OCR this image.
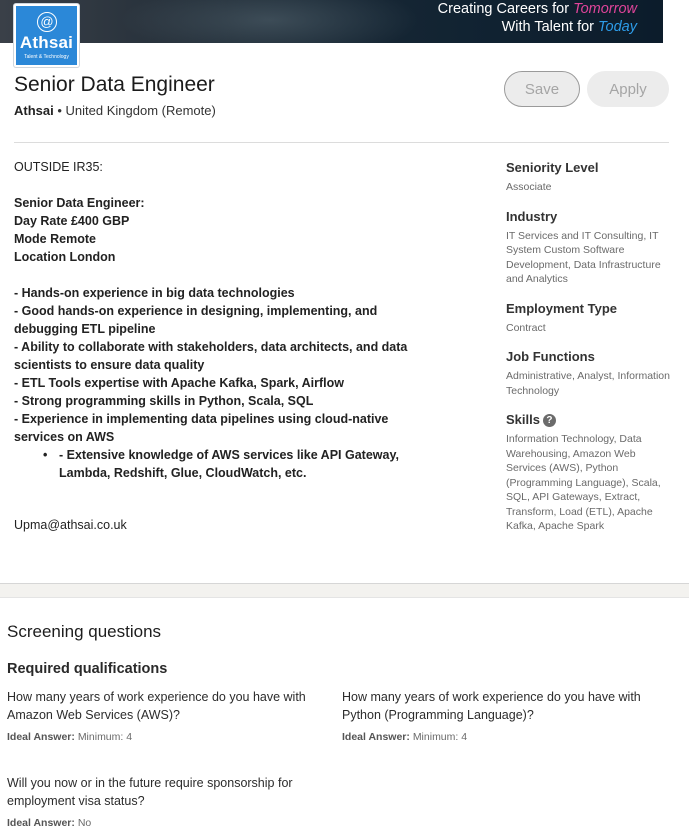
Creating Careers for Tomorrow
With Talent for Today
@
Athsai
Talent & Technology
Senior Data Engineer
Athsai • United Kingdom (Remote)
Save	Apply

OUTSIDE IR35:

Senior Data Engineer:

Day Rate £400 GBP

Mode Remote

Location London

- Hands-on experience in big data technologies

- Good hands-on experience in designing, implementing, and debugging ETL pipeline

- Ability to collaborate with stakeholders, data architects, and data scientists to ensure data quality

- ETL Tools expertise with Apache Kafka, Spark, Airflow

- Strong programming skills in Python, Scala, SQL

- Experience in implementing data pipelines using cloud-native services on AWS

• - Extensive knowledge of AWS services like API Gateway, Lambda, Redshift, Glue, CloudWatch, etc.

Upma@athsai.co.uk

Seniority Level
Associate
Industry
IT Services and IT Consulting, IT System Custom Software Development, Data Infrastructure and Analytics
Employment Type
Contract
Job Functions
Administrative, Analyst, Information Technology
Skills ?
Information Technology, Data Warehousing, Amazon Web Services (AWS), Python (Programming Language), Scala, SQL, API Gateways, Extract, Transform, Load (ETL), Apache Kafka, Apache Spark
Screening questions
Required qualifications
How many years of work experience do you have with Amazon Web Services (AWS)?
Ideal Answer: Minimum: 4
How many years of work experience do you have with Python (Programming Language)?
Ideal Answer: Minimum: 4
Will you now or in the future require sponsorship for employment visa status?
Ideal Answer: No
